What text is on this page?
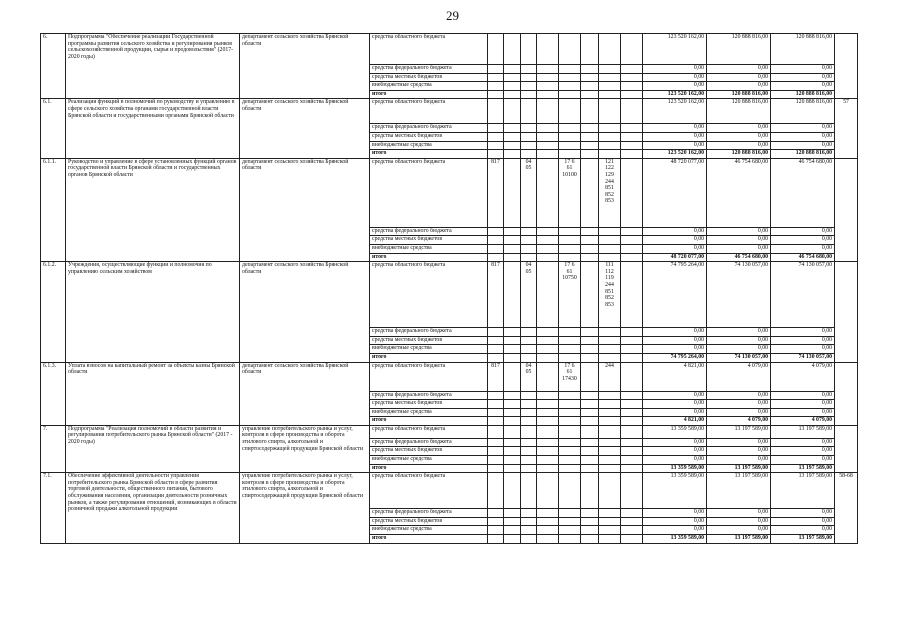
29
6.	Подпрограмма "Обеспечение реализации Государственной программы развития сельского хозяйства и регулирования рынков сельскохозяйственной продукции, сырья и продовольствия" (2017-2020 годы)	департамент сельского хозяйства Брянской области	средства областного бюджета									123 520 162,00	120 888 816,00	120 888 816,00	
			средства федерального бюджета									0,00	0,00	0,00	
			средства местных бюджетов									0,00	0,00	0,00	
			внебюджетные средства									0,00	0,00	0,00	
			итого									123 520 162,00	120 888 816,00	120 888 816,00	
6.1.	Реализация функций в полномочий по руководству и управлению в сфере сельского хозяйства органами государственной власти Брянской области и государственными органами Брянской области	департамент сельского хозяйства Брянской области	средства областного бюджета									123 520 162,00	120 888 816,00	120 888 816,00	57
			средства федерального бюджета									0,00	0,00	0,00	
			средства местных бюджетов									0,00	0,00	0,00	
			внебюджетные средства									0,00	0,00	0,00	
			итого									123 520 162,00	120 888 816,00	120 888 816,00	
6.1.1.	Руководство и управление в сфере установленных функций органов государственной власти Брянской области и государственных органов Брянской области	департамент сельского хозяйства Брянской области	средства областного бюджета	817		04 05		17 6 61 10100		121 122 129 244 851 852 853		48 720 077,00	46 754 680,00	46 754 680,00	
			средства федерального бюджета									0,00	0,00	0,00	
			средства местных бюджетов									0,00	0,00	0,00	
			внебюджетные средства									0,00	0,00	0,00	
			итого									48 720 077,00	46 754 680,00	46 754 680,00	
6.1.2.	Учреждения, осуществляющие функции и полномочия по управлению сельским хозяйством	департамент сельского хозяйства Брянской области	средства областного бюджета	817		04 05		17 6 61 10750		111 112 119 244 851 852 853		74 795 264,00	74 130 057,00	74 130 057,00	
			средства федерального бюджета									0,00	0,00	0,00	
			средства местных бюджетов									0,00	0,00	0,00	
			внебюджетные средства									0,00	0,00	0,00	
			итого									74 795 264,00	74 130 057,00	74 130 057,00	
6.1.3.	Уплата взносов на капитальный ремонт за объекты казны Брянской области	департамент сельского хозяйства Брянской области	средства областного бюджета	817		04 05		17 6 61 17430		244		4 821,00	4 079,00	4 079,00	
			средства федерального бюджета									0,00	0,00	0,00	
			средства местных бюджетов									0,00	0,00	0,00	
			внебюджетные средства									0,00	0,00	0,00	
			итого									4 821,00	4 079,00	4 079,00	
7.	Подпрограмма "Реализация полномочий в области развития и регулирования потребительского рынка Брянской области" (2017 - 2020 годы)	управление потребительского рынка и услуг, контроля в сфере производства и оборота этилового спирта, алкогольной и спиртосодержащей продукции Брянской области	средства областного бюджета									13 359 589,00	13 197 589,00	13 197 589,00	
			средства федерального бюджета									0,00	0,00	0,00	
			средства местных бюджетов									0,00	0,00	0,00	
			внебюджетные средства									0,00	0,00	0,00	
			итого									13 359 589,00	13 197 589,00	13 197 589,00	
7.1.	Обеспечение эффективной деятельности управления потребительского рынка Брянской области в сфере развития торговой деятельности, общественного питания, бытового обслуживания населения, организации деятельности розничных рынков, а также регулирования отношений, возникающих в области розничной продажи алкогольной продукции	управление потребительского рынка и услуг, контроля в сфере производства и оборота этилового спирта, алкогольной и спиртосодержащей продукции Брянской области	средства областного бюджета									13 359 589,00	13 197 589,00	13 197 589,00	58-68
			средства федерального бюджета									0,00	0,00	0,00	
			средства местных бюджетов									0,00	0,00	0,00	
			внебюджетные средства									0,00	0,00	0,00	
			итого									13 359 589,00	13 197 589,00	13 197 589,00	
